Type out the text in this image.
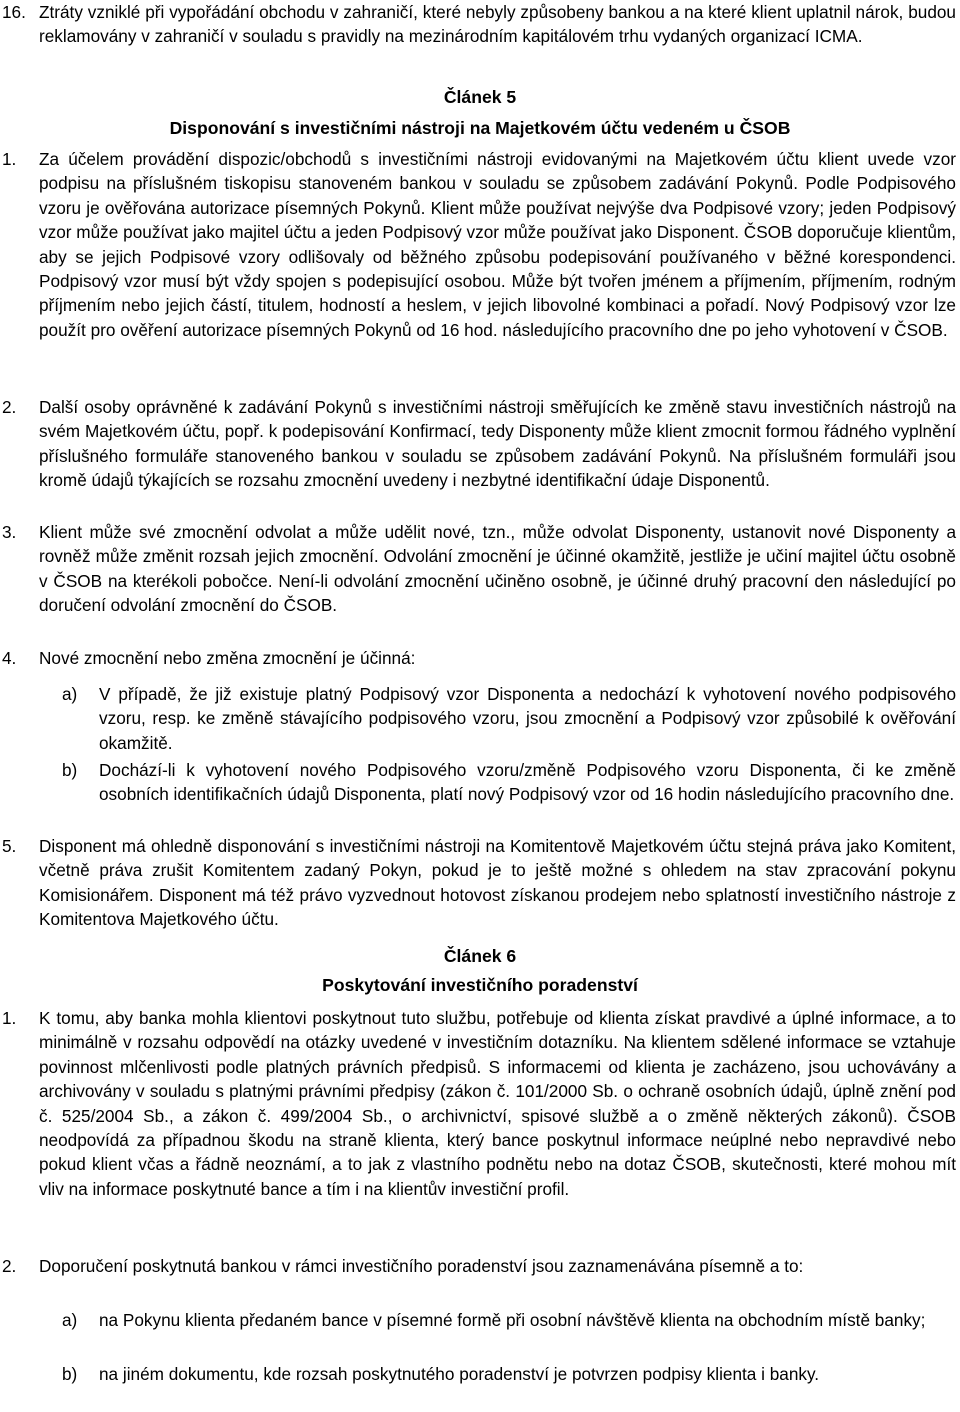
16. Ztráty vzniklé při vypořádání obchodu v zahraničí, které nebyly způsobeny bankou a na které klient uplatnil nárok, budou reklamovány v zahraničí v souladu s pravidly na mezinárodním kapitálovém trhu vydaných organizací ICMA.
Článek 5
Disponování s investičními nástroji na Majetkovém účtu vedeném u ČSOB
1. Za účelem provádění dispozic/obchodů s investičními nástroji evidovanými na Majetkovém účtu klient uvede vzor podpisu na příslušném tiskopisu stanoveném bankou v souladu se způsobem zadávání Pokynů. Podle Podpisového vzoru je ověřována autorizace písemných Pokynů. Klient může používat nejvýše dva Podpisové vzory; jeden Podpisový vzor může používat jako majitel účtu a jeden Podpisový vzor může používat jako Disponent. ČSOB doporučuje klientům, aby se jejich Podpisové vzory odlišovaly od běžného způsobu podepisování používaného v běžné korespondenci. Podpisový vzor musí být vždy spojen s podepisující osobou. Může být tvořen jménem a příjmením, příjmením, rodným příjmením nebo jejich částí, titulem, hodností a heslem, v jejich libovolné kombinaci a pořadí. Nový Podpisový vzor lze použít pro ověření autorizace písemných Pokynů od 16 hod. následujícího pracovního dne po jeho vyhotovení v ČSOB.
2. Další osoby oprávněné k zadávání Pokynů s investičními nástroji směřujících ke změně stavu investičních nástrojů na svém Majetkovém účtu, popř. k podepisování Konfirmací, tedy Disponenty může klient zmocnit formou řádného vyplnění příslušného formuláře stanoveného bankou v souladu se způsobem zadávání Pokynů. Na příslušném formuláři jsou kromě údajů týkajících se rozsahu zmocnění uvedeny i nezbytné identifikační údaje Disponentů.
3. Klient může své zmocnění odvolat a může udělit nové, tzn., může odvolat Disponenty, ustanovit nové Disponenty a rovněž může změnit rozsah jejich zmocnění. Odvolání zmocnění je účinné okamžitě, jestliže je učiní majitel účtu osobně v ČSOB na kterékoli pobočce. Není-li odvolání zmocnění učiněno osobně, je účinné druhý pracovní den následující po doručení odvolání zmocnění do ČSOB.
4. Nové zmocnění nebo změna zmocnění je účinná:
a) V případě, že již existuje platný Podpisový vzor Disponenta a nedochází k vyhotovení nového podpisového vzoru, resp. ke změně stávajícího podpisového vzoru, jsou zmocnění a Podpisový vzor způsobilé k ověřování okamžitě.
b) Dochází-li k vyhotovení nového Podpisového vzoru/změně Podpisového vzoru Disponenta, či ke změně osobních identifikačních údajů Disponenta, platí nový Podpisový vzor od 16 hodin následujícího pracovního dne.
5. Disponent má ohledně disponování s investičními nástroji na Komitentově Majetkovém účtu stejná práva jako Komitent, včetně práva zrušit Komitentem zadaný Pokyn, pokud je to ještě možné s ohledem na stav zpracování pokynu Komisionářem. Disponent má též právo vyzvednout hotovost získanou prodejem nebo splatností investičního nástroje z Komitentova Majetkového účtu.
Článek 6
Poskytování investičního poradenství
1. K tomu, aby banka mohla klientovi poskytnout tuto službu, potřebuje od klienta získat pravdivé a úplné informace, a to minimálně v rozsahu odpovědí na otázky uvedené v investičním dotazníku. Na klientem sdělené informace se vztahuje povinnost mlčenlivosti podle platných právních předpisů. S informacemi od klienta je zacházeno, jsou uchovávány a archivovány v souladu s platnými právními předpisy (zákon č. 101/2000 Sb. o ochraně osobních údajů, úplně znění pod č. 525/2004 Sb., a zákon č. 499/2004 Sb., o archivnictví, spisové službě a o změně některých zákonů). ČSOB neodpovídá za případnou škodu na straně klienta, který bance poskytnul informace neúplné nebo nepravdivé nebo pokud klient včas a řádně neoznámí, a to jak z vlastního podnětu nebo na dotaz ČSOB, skutečnosti, které mohou mít vliv na informace poskytnuté bance a tím i na klientův investiční profil.
2. Doporučení poskytnutá bankou v rámci investičního poradenství jsou zaznamenávána písemně a to:
a) na Pokynu klienta předaném bance v písemné formě při osobní návštěvě klienta na obchodním místě banky;
b) na jiném dokumentu, kde rozsah poskytnutého poradenství je potvrzen podpisy klienta i banky.
